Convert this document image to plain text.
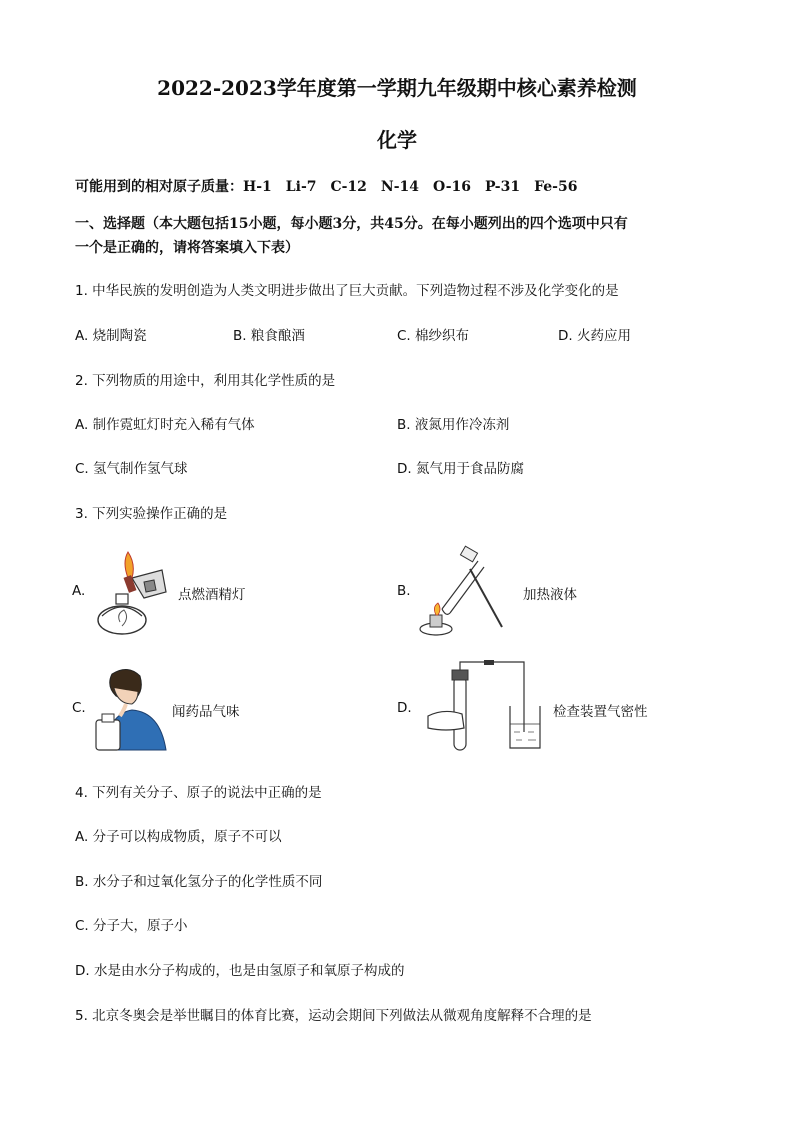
2022-2023学年度第一学期九年级期中核心素养检测
化学
可能用到的相对原子质量：H-1　Li-7　C-12　N-14　O-16　P-31　Fe-56
一、选择题（本大题包括15小题，每小题3分，共45分。在每小题列出的四个选项中只有
一个是正确的，请将答案填入下表）
1. 中华民族的发明创造为人类文明进步做出了巨大贡献。下列造物过程不涉及化学变化的是
A. 烧制陶瓷	B. 粮食酿酒	C. 棉纱织布	D. 火药应用
2. 下列物质的用途中，利用其化学性质的是
A. 制作霓虹灯时充入稀有气体	B. 液氮用作冷冻剂
C. 氢气制作氢气球	D. 氮气用于食品防腐
3. 下列实验操作正确的是
A.	点燃酒精灯	B.	加热液体
C.	闻药品气味	D.	检查装置气密性
4. 下列有关分子、原子的说法中正确的是
A. 分子可以构成物质，原子不可以
B. 水分子和过氧化氢分子的化学性质不同
C. 分子大，原子小
D. 水是由水分子构成的，也是由氢原子和氧原子构成的
5. 北京冬奥会是举世瞩目的体育比赛，运动会期间下列做法从微观角度解释不合理的是
